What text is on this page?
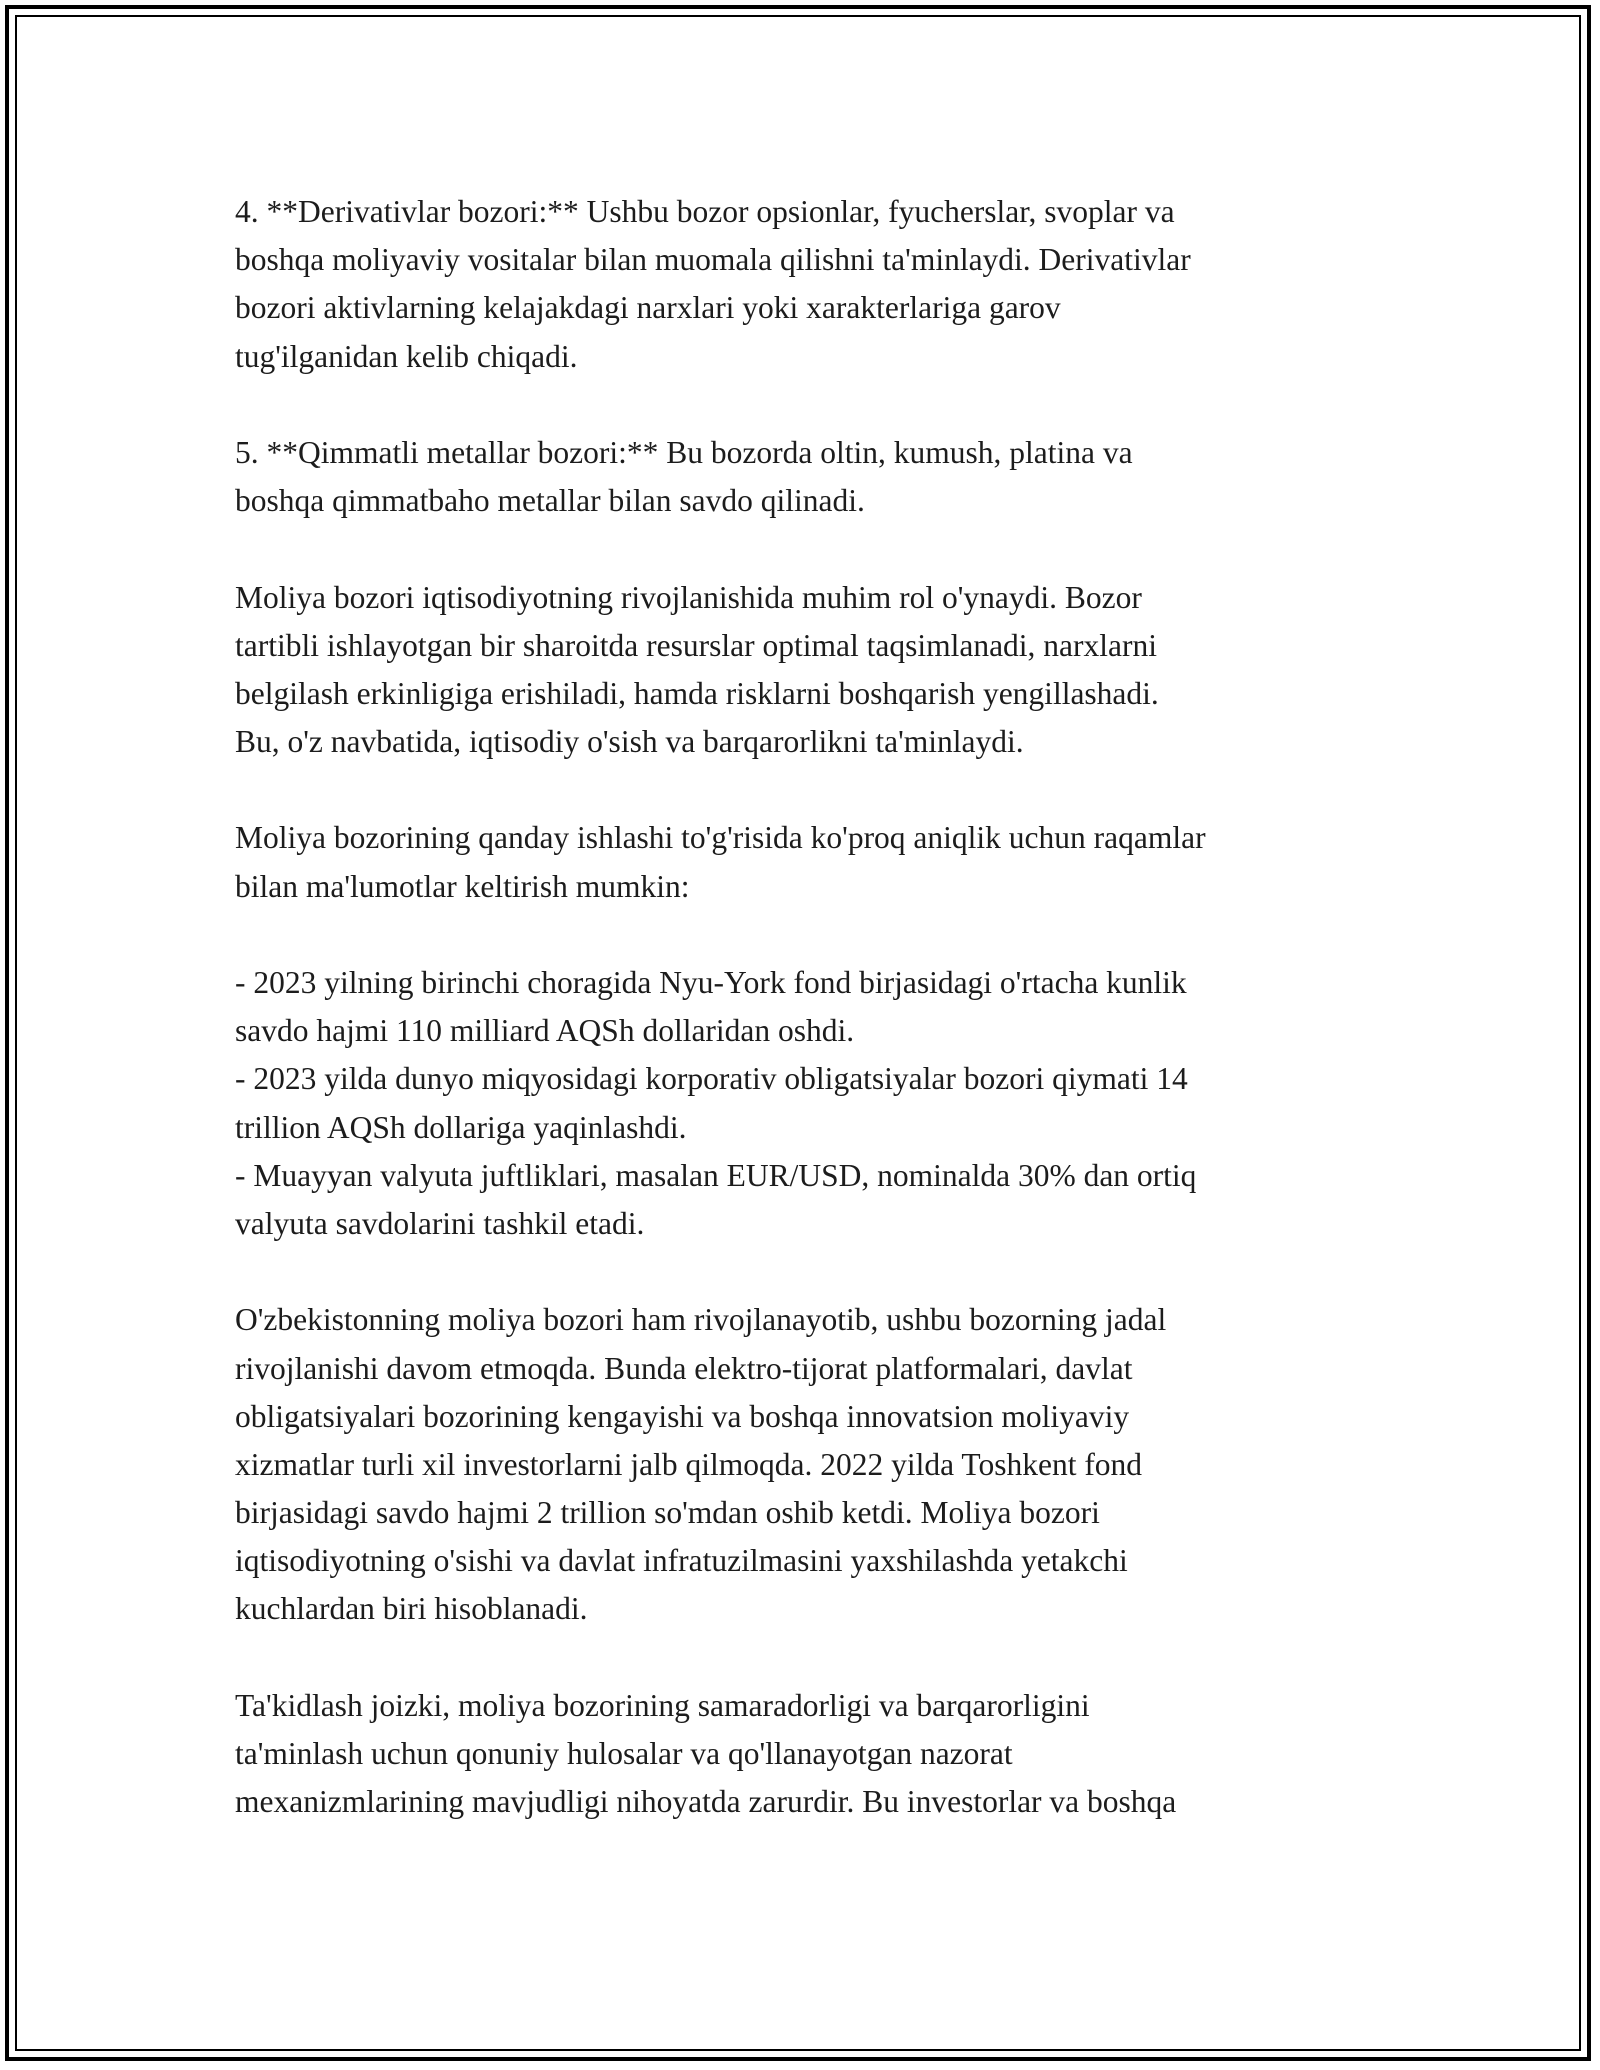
4. **Derivativlar bozori:** Ushbu bozor opsionlar, fyucherslar, svoplar va
boshqa moliyaviy vositalar bilan muomala qilishni ta'minlaydi. Derivativlar
bozori aktivlarning kelajakdagi narxlari yoki xarakterlariga garov
tug'ilganidan kelib chiqadi.
5. **Qimmatli metallar bozori:** Bu bozorda oltin, kumush, platina va
boshqa qimmatbaho metallar bilan savdo qilinadi.
Moliya bozori iqtisodiyotning rivojlanishida muhim rol o'ynaydi. Bozor
tartibli ishlayotgan bir sharoitda resurslar optimal taqsimlanadi, narxlarni
belgilash erkinligiga erishiladi, hamda risklarni boshqarish yengillashadi.
Bu, o'z navbatida, iqtisodiy o'sish va barqarorlikni ta'minlaydi.
Moliya bozorining qanday ishlashi to'g'risida ko'proq aniqlik uchun raqamlar
bilan ma'lumotlar keltirish mumkin:
- 2023 yilning birinchi choragida Nyu-York fond birjasidagi o'rtacha kunlik
savdo hajmi 110 milliard AQSh dollaridan oshdi.
- 2023 yilda dunyo miqyosidagi korporativ obligatsiyalar bozori qiymati 14
trillion AQSh dollariga yaqinlashdi.
- Muayyan valyuta juftliklari, masalan EUR/USD, nominalda 30% dan ortiq
valyuta savdolarini tashkil etadi.
O'zbekistonning moliya bozori ham rivojlanayotib, ushbu bozorning jadal
rivojlanishi davom etmoqda. Bunda elektro-tijorat platformalari, davlat
obligatsiyalari bozorining kengayishi va boshqa innovatsion moliyaviy
xizmatlar turli xil investorlarni jalb qilmoqda. 2022 yilda Toshkent fond
birjasidagi savdo hajmi 2 trillion so'mdan oshib ketdi. Moliya bozori
iqtisodiyotning o'sishi va davlat infratuzilmasini yaxshilashda yetakchi
kuchlardan biri hisoblanadi.
Ta'kidlash joizki, moliya bozorining samaradorligi va barqarorligini
ta'minlash uchun qonuniy hulosalar va qo'llanayotgan nazorat
mexanizmlarining mavjudligi nihoyatda zarurdir. Bu investorlar va boshqa
